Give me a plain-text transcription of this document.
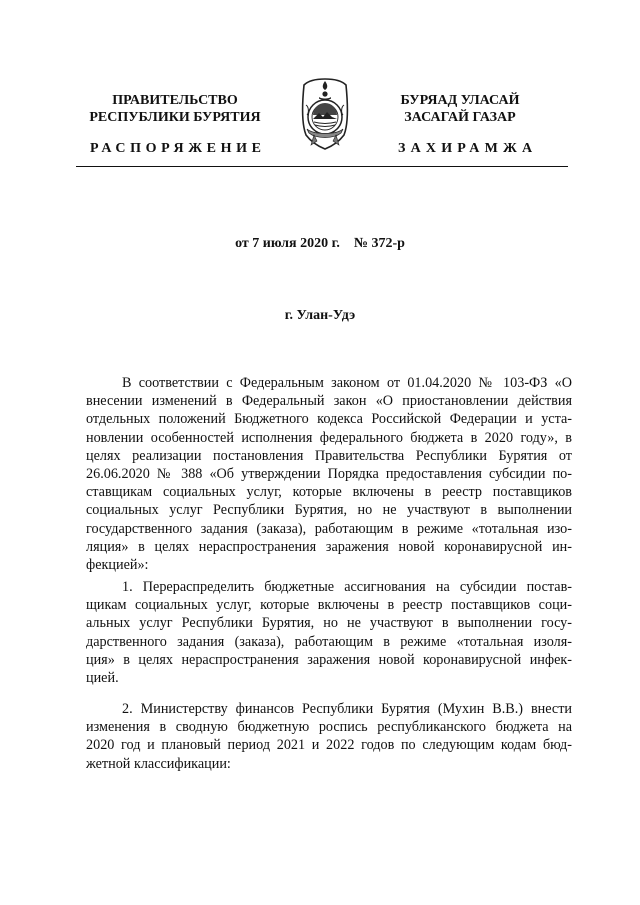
ПРАВИТЕЛЬСТВО
РЕСПУБЛИКИ БУРЯТИЯ
БУРЯАД УЛАСАЙ
ЗАСАГАЙ ГАЗАР
РАСПОРЯЖЕНИЕ	ЗАХИРАМЖА
от 7 июля 2020 г.    № 372-р
г. Улан-Удэ
В соответствии с Федеральным законом от 01.04.2020 № 103-ФЗ «О
внесении изменений в Федеральный закон «О приостановлении действия
отдельных положений Бюджетного кодекса Российской Федерации и уста-
новлении особенностей исполнения федерального бюджета в 2020 году», в
целях реализации постановления Правительства Республики Бурятия от
26.06.2020 № 388 «Об утверждении Порядка предоставления субсидии по-
ставщикам социальных услуг, которые включены в реестр поставщиков
социальных услуг Республики Бурятия, но не участвуют в выполнении
государственного задания (заказа), работающим в режиме «тотальная изо-
ляция» в целях нераспространения заражения новой коронавирусной ин-
фекцией»:
1. Перераспределить бюджетные ассигнования на субсидии постав-
щикам социальных услуг, которые включены в реестр поставщиков соци-
альных услуг Республики Бурятия, но не участвуют в выполнении госу-
дарственного задания (заказа), работающим в режиме «тотальная изоля-
ция» в целях нераспространения заражения новой коронавирусной инфек-
цией.
2. Министерству финансов Республики Бурятия (Мухин В.В.) внести
изменения в сводную бюджетную роспись республиканского бюджета на
2020 год и плановый период 2021 и 2022 годов по следующим кодам бюд-
жетной классификации:
